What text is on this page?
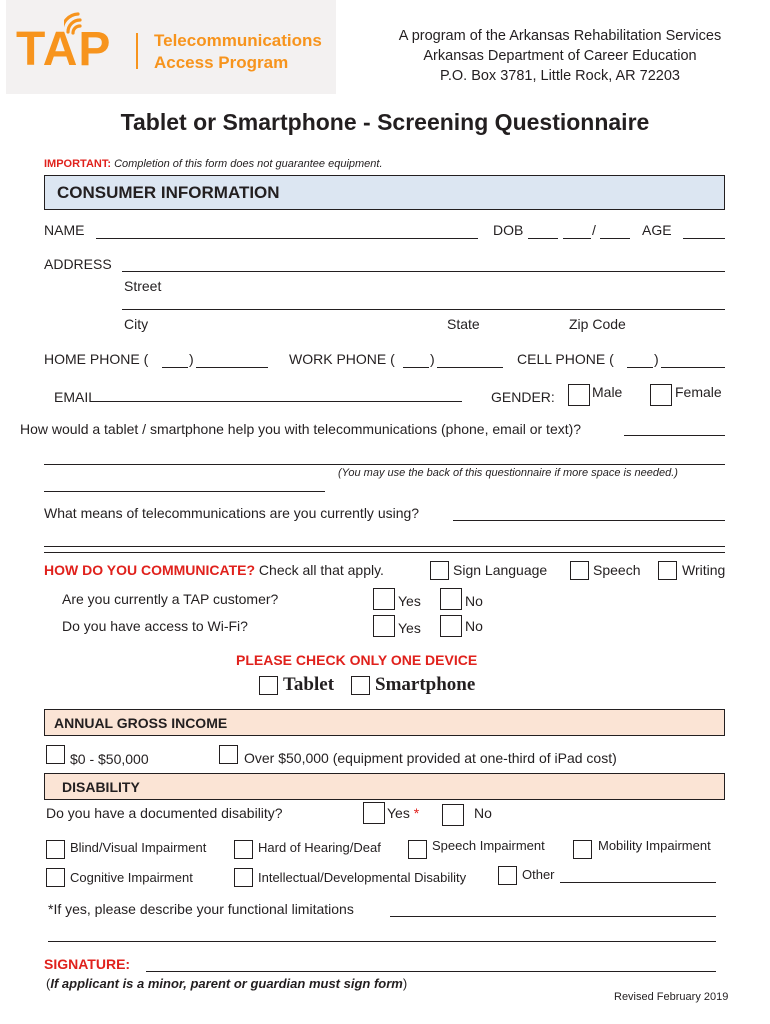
TAP	Telecommunications
Access Program
A program of the Arkansas Rehabilitation Services
Arkansas Department of Career Education
P.O. Box 3781, Little Rock, AR 72203
Tablet or Smartphone - Screening Questionnaire
IMPORTANT: Completion of this form does not guarantee equipment.
CONSUMER INFORMATION
NAME	DOB	/	AGE
ADDRESS
Street
City	State	Zip Code
HOME PHONE (	)	WORK PHONE (	)	CELL PHONE (	)
EMAIL	GENDER:	Male	Female
How would a tablet / smartphone help you with telecommunications (phone, email or text)?
(You may use the back of this questionnaire if more space is needed.)
What means of telecommunications are you currently using?
HOW DO YOU COMMUNICATE? Check all that apply.	Sign Language	Speech	Writing
Are you currently a TAP customer?	Yes	No
Do you have access to Wi-Fi?	Yes	No
PLEASE CHECK ONLY ONE DEVICE
Tablet Smartphone
ANNUAL GROSS INCOME
$0 - $50,000	Over $50,000 (equipment provided at one-third of iPad cost)
DISABILITY
Do you have a documented disability?	Yes *	No
Blind/Visual Impairment	Hard of Hearing/Deaf	Speech Impairment	Mobility Impairment
Cognitive Impairment	Intellectual/Developmental Disability	Other
*If yes, please describe your functional limitations
SIGNATURE:
(If applicant is a minor, parent or guardian must sign form)
Revised February 2019
